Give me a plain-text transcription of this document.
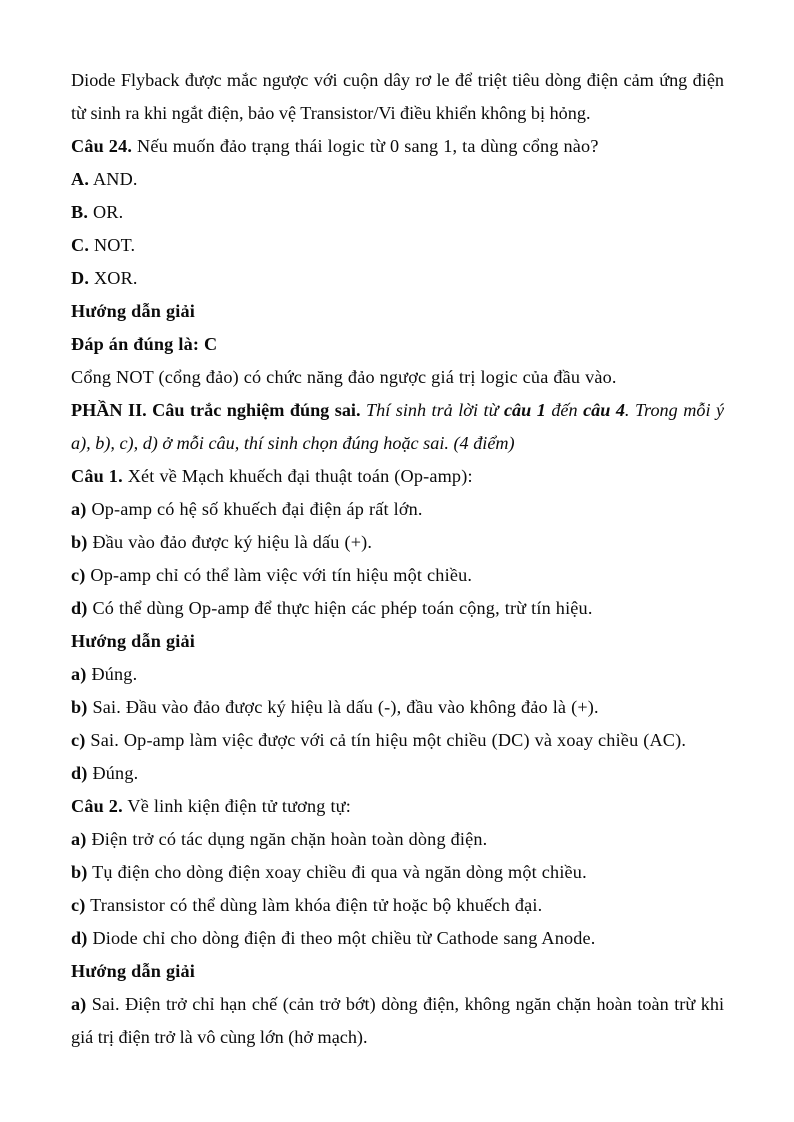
Diode Flyback được mắc ngược với cuộn dây rơ le để triệt tiêu dòng điện cảm ứng điện từ sinh ra khi ngắt điện, bảo vệ Transistor/Vi điều khiển không bị hỏng.
Câu 24. Nếu muốn đảo trạng thái logic từ 0 sang 1, ta dùng cổng nào?
A. AND.
B. OR.
C. NOT.
D. XOR.
Hướng dẫn giải
Đáp án đúng là: C
Cổng NOT (cổng đảo) có chức năng đảo ngược giá trị logic của đầu vào.
PHẦN II. Câu trắc nghiệm đúng sai. Thí sinh trả lời từ câu 1 đến câu 4. Trong mỗi ý a), b), c), d) ở mỗi câu, thí sinh chọn đúng hoặc sai. (4 điểm)
Câu 1. Xét về Mạch khuếch đại thuật toán (Op-amp):
a) Op-amp có hệ số khuếch đại điện áp rất lớn.
b) Đầu vào đảo được ký hiệu là dấu (+).
c) Op-amp chỉ có thể làm việc với tín hiệu một chiều.
d) Có thể dùng Op-amp để thực hiện các phép toán cộng, trừ tín hiệu.
Hướng dẫn giải
a) Đúng.
b) Sai. Đầu vào đảo được ký hiệu là dấu (-), đầu vào không đảo là (+).
c) Sai. Op-amp làm việc được với cả tín hiệu một chiều (DC) và xoay chiều (AC).
d) Đúng.
Câu 2. Về linh kiện điện tử tương tự:
a) Điện trở có tác dụng ngăn chặn hoàn toàn dòng điện.
b) Tụ điện cho dòng điện xoay chiều đi qua và ngăn dòng một chiều.
c) Transistor có thể dùng làm khóa điện tử hoặc bộ khuếch đại.
d) Diode chỉ cho dòng điện đi theo một chiều từ Cathode sang Anode.
Hướng dẫn giải
a) Sai. Điện trở chỉ hạn chế (cản trở bớt) dòng điện, không ngăn chặn hoàn toàn trừ khi giá trị điện trở là vô cùng lớn (hở mạch).
